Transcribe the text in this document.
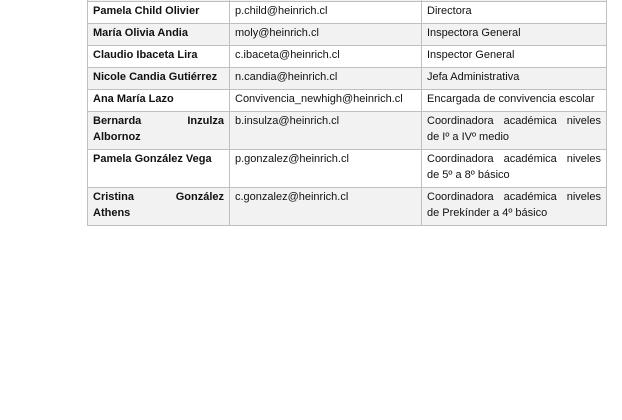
Pamela Child Olivier	p.child@heinrich.cl	Directora
María Olivia Andia	moly@heinrich.cl	Inspectora General
Claudio Ibaceta Lira	c.ibaceta@heinrich.cl	Inspector General
Nicole Candia Gutiérrez	n.candia@heinrich.cl	Jefa Administrativa
Ana María Lazo	Convivencia_newhigh@heinrich.cl	Encargada de convivencia escolar
Bernarda Inzulza Albornoz	b.insulza@heinrich.cl	Coordinadora académica niveles de Iº a IVº medio
Pamela González Vega	p.gonzalez@heinrich.cl	Coordinadora académica niveles de 5º a 8º básico
Cristina González Athens	c.gonzalez@heinrich.cl	Coordinadora académica niveles de Prekínder a 4º básico
